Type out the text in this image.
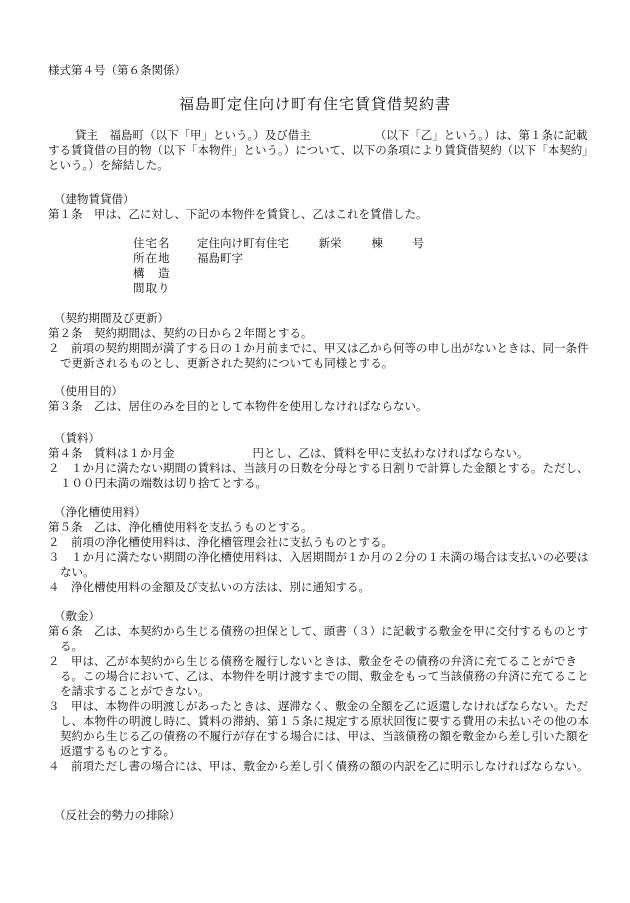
様式第４号（第６条関係）
福島町定住向け町有住宅賃貸借契約書
貸主　福島町（以下「甲」という。）及び借主	（以下「乙」という。）は、第１条に記載する賃貸借の目的物（以下「本物件」という。）について、以下の条項により賃貸借契約（以下「本契約」という。）を締結した。
（建物賃貸借）
第１条　甲は、乙に対し、下記の本物件を賃貸し、乙はこれを賃借した。
住宅名	定住向け町有住宅	新栄	棟	号
所在地	福島町字
構　造
間取り
（契約期間及び更新）
第２条　契約期間は、契約の日から２年間とする。
２　前項の契約期間が満了する日の１か月前までに、甲又は乙から何等の申し出がないときは、同一条件で更新されるものとし、更新された契約についても同様とする。
（使用目的）
第３条　乙は、居住のみを目的として本物件を使用しなければならない。
（賃料）
第４条　賃料は１か月金	円とし、乙は、賃料を甲に支払わなければならない。
２　１か月に満たない期間の賃料は、当該月の日数を分母とする日割りで計算した金額とする。ただし、１００円未満の端数は切り捨てとする。
（浄化槽使用料）
第５条　乙は、浄化槽使用料を支払うものとする。
２　前項の浄化槽使用料は、浄化槽管理会社に支払うものとする。
３　１か月に満たない期間の浄化槽使用料は、入居期間が１か月の２分の１未満の場合は支払いの必要はない。
４　浄化槽使用料の金額及び支払いの方法は、別に通知する。
（敷金）
第６条　乙は、本契約から生じる債務の担保として、頭書（３）に記載する敷金を甲に交付するものとする。
２　甲は、乙が本契約から生じる債務を履行しないときは、敷金をその債務の弁済に充てることができる。この場合において、乙は、本物件を明け渡すまでの間、敷金をもって当該債務の弁済に充てることを請求することができない。
３　甲は、本物件の明渡しがあったときは、遅滞なく、敷金の全額を乙に返還しなければならない。ただし、本物件の明渡し時に、賃料の滞納、第１５条に規定する原状回復に要する費用の未払いその他の本契約から生じる乙の債務の不履行が存在する場合には、甲は、当該債務の額を敷金から差し引いた額を返還するものとする。
４　前項ただし書の場合には、甲は、敷金から差し引く債務の額の内訳を乙に明示しなければならない。
（反社会的勢力の排除）
